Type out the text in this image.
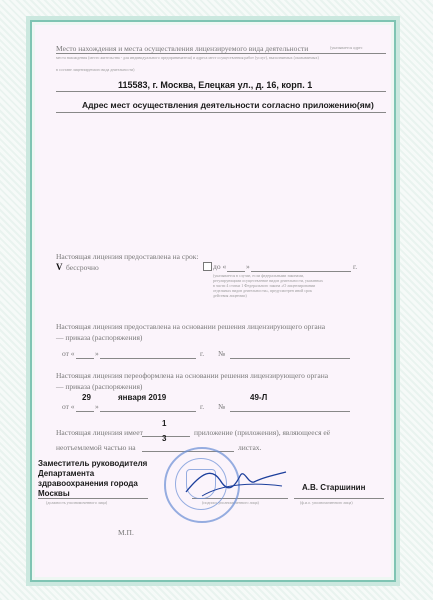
Место нахождения и места осуществления лицензируемого вида деятельности	(указывается адрес
места нахождения (место жительства - для индивидуального предпринимателя) и адреса мест осуществления работ (услуг), выполняемых (оказываемых)
в составе лицензируемого вида деятельности)
115583, г. Москва, Елецкая ул., д. 16, корп. 1
Адрес мест осуществления деятельности согласно приложению(ям)
Настоящая лицензия предоставлена на срок:
V бессрочно	до «	»	г.
(указывается в случае, если федеральными законами, регулирующими осуществление видов деятельности, указанных в части 4 статьи 1 Федерального закона «О лицензировании отдельных видов деятельности», предусмотрен иной срок действия лицензии)
Настоящая лицензия предоставлена на основании решения лицензирующего органа
— приказа (распоряжения)
от «	»	г. №
Настоящая лицензия переоформлена на основании решения лицензирующего органа
— приказа (распоряжения)
от «
29
»
января 2019
г. №
49-Л
Настоящая лицензия имеет
1
приложение (приложения), являющееся её
неотъемлемой частью на
3
листах.
Заместитель руководителя
Департамента
здравоохранения города
Москвы
(должность уполномоченного лица)	(подпись уполномоченного лица)
А.В. Старшинин
(ф.и.о. уполномоченного лица)
М.П.
